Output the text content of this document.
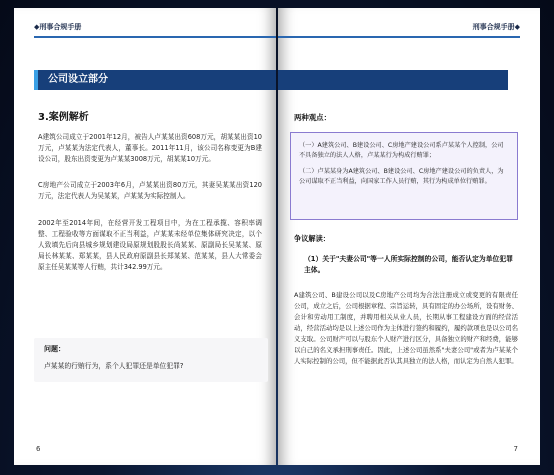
◆刑事合规手册
公司设立部分
3.案例解析
A建筑公司成立于2001年12月，被告人卢某某出资608万元，胡某某出资10万元，卢某某为法定代表人，董事长。2011年11月，该公司名称变更为B建设公司，股东出资变更为卢某某3008万元，胡某某10万元。
C房地产公司成立于2003年6月，卢某某出资80万元，其妻吴某某出资120万元，法定代表人为吴某某，卢某某为实际控制人。
2002年至2014年间，在经营开发工程项目中，为在工程承揽、容积率调整、工程验收等方面谋取不正当利益，卢某某未经单位集体研究决定，以个人致填先后向县城乡规划建设局原规划股股长尚某某、原副局长吴某某、原局长林某某、郑某某，县人民政府原副县长郑某某、范某某，县人大常委会原主任吴某某等人行贿，共计342.99万元。
问题：
卢某某的行贿行为，系个人犯罪还是单位犯罪?
6
刑事合规手册◆
两种观点：

（一）A建筑公司、B建设公司、C房地产建设公司系卢某某个人控制，公司不具备独立的法人人格，卢某某行为构成行贿罪；

（二）卢某某身为A建筑公司、B建设公司、C房地产建设公司的负责人，为公司谋取不正当利益，向国家工作人员行贿，其行为构成单位行贿罪。

争议解读：
（1）关于"夫妻公司"等一人所实际控制的公司，能否认定为单位犯罪主体。
A建筑公司、B建设公司以及C房地产公司均为合法注册成立或变更的有限责任公司，成立之后，公司根据章程、宗旨运转，具有固定的办公场所，设有财务、会计和劳动用工制度，并聘用相关从业人员，长期从事工程建设方面的经营活动，经营活动均是以上述公司作为主体进行签约和履约，履约款项也是以公司名义支取。公司财产可以与股东个人财产进行区分，具备独立的财产和经费，能够以自己的名义承担刑事责任。因此，上述公司虽然系"夫妻公司"或者为卢某某个人实际控制的公司，但不能据此否认其具独立的法人格，而认定为自然人犯罪。
7
